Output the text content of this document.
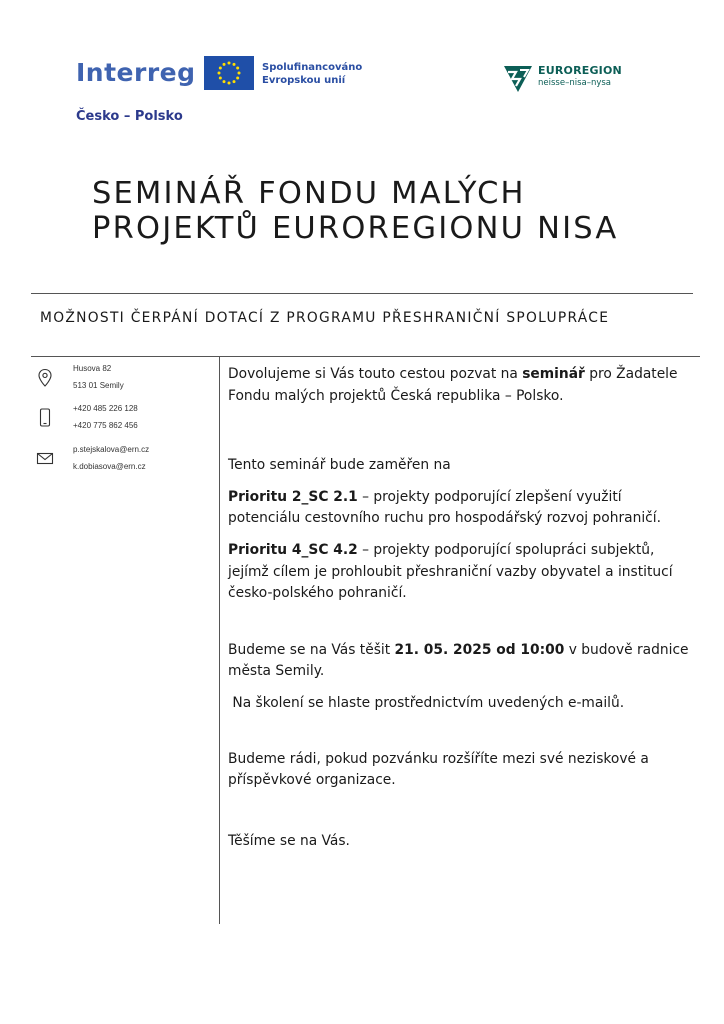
Interreg
Česko – Polsko
Spolufinancováno
Evropskou unií
EUROREGION
neisse–nisa–nysa
SEMINÁŘ FONDU MALÝCH
PROJEKTŮ EUROREGIONU NISA
MOŽNOSTI ČERPÁNÍ DOTACÍ Z PROGRAMU PŘESHRANIČNÍ SPOLUPRÁCE
Husova 82
513 01 Semily
+420 485 226 128
+420 775 862 456
p.stejskalova@ern.cz
k.dobiasova@ern.cz

Dovolujeme si Vás touto cestou pozvat na seminář pro Žadatele Fondu malých projektů Česká republika – Polsko.

Tento seminář bude zaměřen na

Prioritu 2_SC 2.1 – projekty podporující zlepšení využití potenciálu cestovního ruchu pro hospodářský rozvoj pohraničí.

Prioritu 4_SC 4.2 – projekty podporující spolupráci subjektů, jejímž cílem je prohloubit přeshraniční vazby obyvatel a institucí česko-polského pohraničí.

Budeme se na Vás těšit 21. 05. 2025 od 10:00 v budově radnice města Semily.

Na školení se hlaste prostřednictvím uvedených e-mailů.

Budeme rádi, pokud pozvánku rozšíříte mezi své neziskové a příspěvkové organizace.

Těšíme se na Vás.
